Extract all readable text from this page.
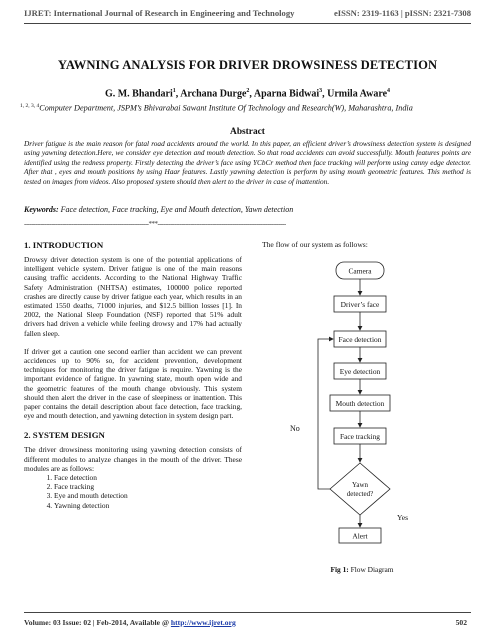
IJRET: International Journal of Research in Engineering and Technology	eISSN: 2319-1163 | pISSN: 2321-7308
YAWNING ANALYSIS FOR DRIVER DROWSINESS DETECTION
G. M. Bhandari$^1$, Archana Durge$^2$, Aparna Bidwai$^3$, Urmila Aware$^4$
$^{1, 2, 3, 4}$Computer Department, JSPM’s Bhivarabai Sawant Institute Of Technology and Research(W), Maharashtra, India
Abstract
Driver fatigue is the main reason for fatal road accidents around the world. In this paper, an efficient driver’s drowsiness detection system is designed using yawning detection.Here, we consider eye detection and mouth detection. So that road accidents can avoid successfully. Mouth features points are identified using the redness property. Firstly detecting the driver’s face using YCbCr method then face tracking will perform using canny edge detector. After that , eyes and mouth positions by using Haar features. Lastly yawning detection is perform by using mouth geometric features. This method is tested on images from videos. Also proposed system should then alert to the driver in case of inattention.
Keywords: Face detection, Face tracking, Eye and Mouth detection, Yawn detection
--------------------------------------------------------------------***----------------------------------------------------------------------
1. INTRODUCTION
Drowsy driver detection system is one of the potential applications of intelligent vehicle system. Driver fatigue is one of the main reasons causing traffic accidents. According to the National Highway Traffic Safety Administration (NHTSA) estimates, 100000 police reported crashes are directly cause by driver fatigue each year, which results in an estimated 1550 deaths, 71000 injuries, and $12.5 billion losses [1]. In 2002, the National Sleep Foundation (NSF) reported that 51% adult drivers had driven a vehicle while feeling drowsy and 17% had actually fallen sleep.
If driver get a caution one second earlier than accident we can prevent accidences up to 90% so, for accident prevention, development techniques for monitoring the driver fatigue is require. Yawning is the important evidence of fatigue. In yawning state, mouth open wide and the geometric features of the mouth change obviously. This system should then alert the driver in the case of sleepiness or inattention. This paper contains the detail description about face detection, face tracking, eye and mouth detection, and yawning detection in system design part.
2. SYSTEM DESIGN
The driver drowsiness monitoring using yawning detection consists of different modules to analyze changes in the mouth of the driver. These modules are as follows:
1. Face detection
2. Face tracking
3. Eye and mouth detection
4. Yawning detection
The flow of our system as follows:
Camera
Driver’s face
Face detection
Eye detection
Mouth detection
Face tracking
Yawn
detected?
Alert
No
Yes
Fig 1: Flow Diagram
Volume: 03 Issue: 02 | Feb-2014, Available @ http://www.ijret.org	502
